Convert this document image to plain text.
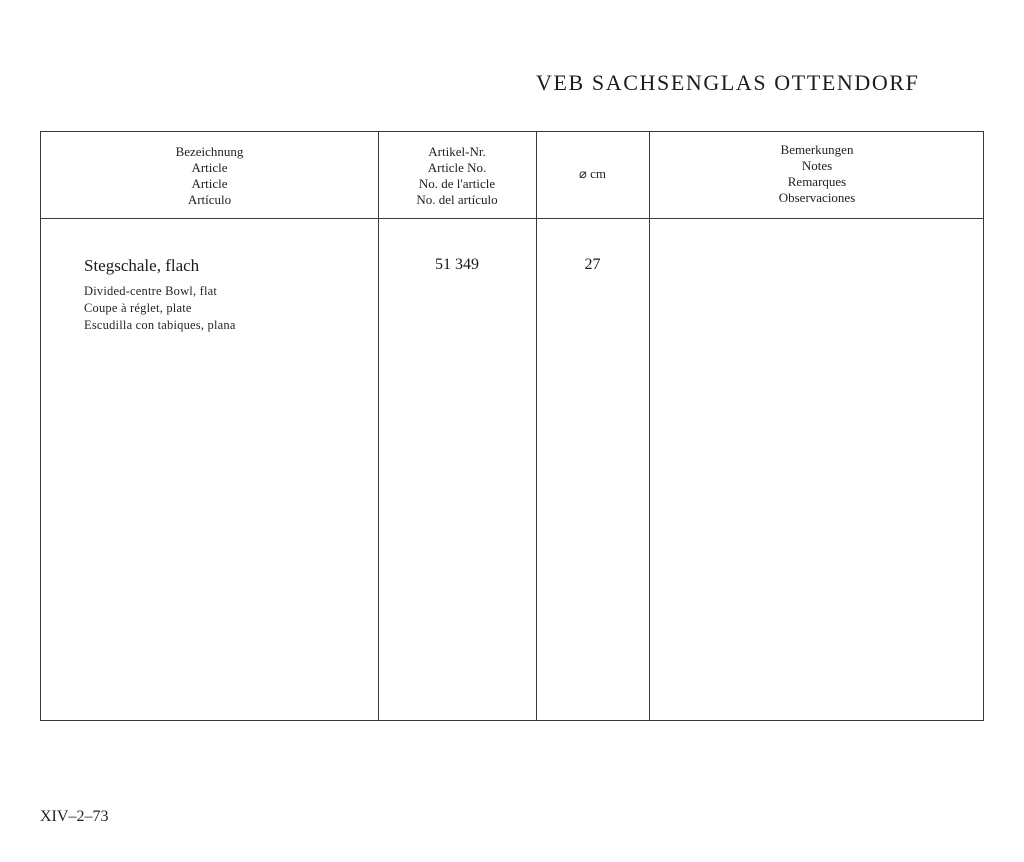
VEB SACHSENGLAS OTTENDORF
Bezeichnung
Article
Article
Artículo
Artikel-Nr.
Article No.
No. de l'article
No. del artículo
⌀ cm
Bemerkungen
Notes
Remarques
Observaciones
Stegschale, flach
Divided-centre Bowl, flat
Coupe à réglet, plate
Escudilla con tabiques, plana
51 349	27
XIV–2–73
